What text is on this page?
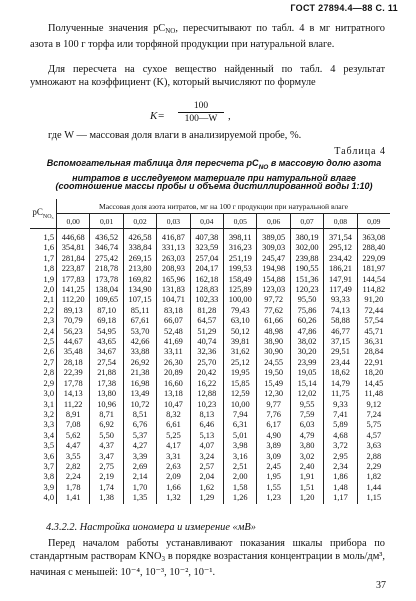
ГОСТ 27894.4—88 С. 11
Полученные значения $pC_{NO}$, пересчитывают по табл. 4 в мг нитратного азота в 100 г торфа или торфяной продукции при натуральной влаге.
Для пересчета на сухое вещество найденный по табл. 4 результат умножают на коэффициент (K), который вычисляют по формуле
$K= \frac{100}{100—W}$ ,
где W — массовая доля влаги в анализируемой пробе, %.
Таблица 4
Вспомогательная таблица для пересчета $pC_{NO}$ в массовую долю азота нитратов в исследуемом материале при натуральной влаге
(соотношение массы пробы и объема дистиллированной воды 1:10)
$pC_{NO_3}$	Массовая доля азота нитратов, мг на 100 г продукции при натуральной влаге									
	0,00	0,01	0,02	0,03	0,04	0,05	0,06	0,07	0,08	0,09
1,5	446,68	436,52	426,58	416,87	407,38	398,11	389,05	380,19	371,54	363,08
1,6	354,81	346,74	338,84	331,13	323,59	316,23	309,03	302,00	295,12	288,40
1,7	281,84	275,42	269,15	263,03	257,04	251,19	245,47	239,88	234,42	229,09
1,8	223,87	218,78	213,80	208,93	204,17	199,53	194,98	190,55	186,21	181,97
1,9	177,83	173,78	169,82	165,96	162,18	158,49	154,88	151,36	147,91	144,54
2,0	141,25	138,04	134,90	131,83	128,83	125,89	123,03	120,23	117,49	114,82
2,1	112,20	109,65	107,15	104,71	102,33	100,00	97,72	95,50	93,33	91,20
2,2	89,13	87,10	85,11	83,18	81,28	79,43	77,62	75,86	74,13	72,44
2,3	70,79	69,18	67,61	66,07	64,57	63,10	61,66	60,26	58,88	57,54
2,4	56,23	54,95	53,70	52,48	51,29	50,12	48,98	47,86	46,77	45,71
2,5	44,67	43,65	42,66	41,69	40,74	39,81	38,90	38,02	37,15	36,31
2,6	35,48	34,67	33,88	33,11	32,36	31,62	30,90	30,20	29,51	28,84
2,7	28,18	27,54	26,92	26,30	25,70	25,12	24,55	23,99	23,44	22,91
2,8	22,39	21,88	21,38	20,89	20,42	19,95	19,50	19,05	18,62	18,20
2,9	17,78	17,38	16,98	16,60	16,22	15,85	15,49	15,14	14,79	14,45
3,0	14,13	13,80	13,49	13,18	12,88	12,59	12,30	12,02	11,75	11,48
3,1	11,22	10,96	10,72	10,47	10,23	10,00	9,77	9,55	9,33	9,12
3,2	8,91	8,71	8,51	8,32	8,13	7,94	7,76	7,59	7,41	7,24
3,3	7,08	6,92	6,76	6,61	6,46	6,31	6,17	6,03	5,89	5,75
3,4	5,62	5,50	5,37	5,25	5,13	5,01	4,90	4,79	4,68	4,57
3,5	4,47	4,37	4,27	4,17	4,07	3,98	3,89	3,80	3,72	3,63
3,6	3,55	3,47	3,39	3,31	3,24	3,16	3,09	3,02	2,95	2,88
3,7	2,82	2,75	2,69	2,63	2,57	2,51	2,45	2,40	2,34	2,29
3,8	2,24	2,19	2,14	2,09	2,04	2,00	1,95	1,91	1,86	1,82
3,9	1,78	1,74	1,70	1,66	1,62	1,58	1,55	1,51	1,48	1,44
4,0	1,41	1,38	1,35	1,32	1,29	1,26	1,23	1,20	1,17	1,15
4.3.2.2. Настройка иономера и измерение «мВ»
Перед началом работы устанавливают показания шкалы прибора по стандартным растворам $KNO_3$ в порядке возрастания концентрации в моль/дм³, начиная с меньшей: 10⁻⁴, 10⁻³, 10⁻², 10⁻¹.
37
